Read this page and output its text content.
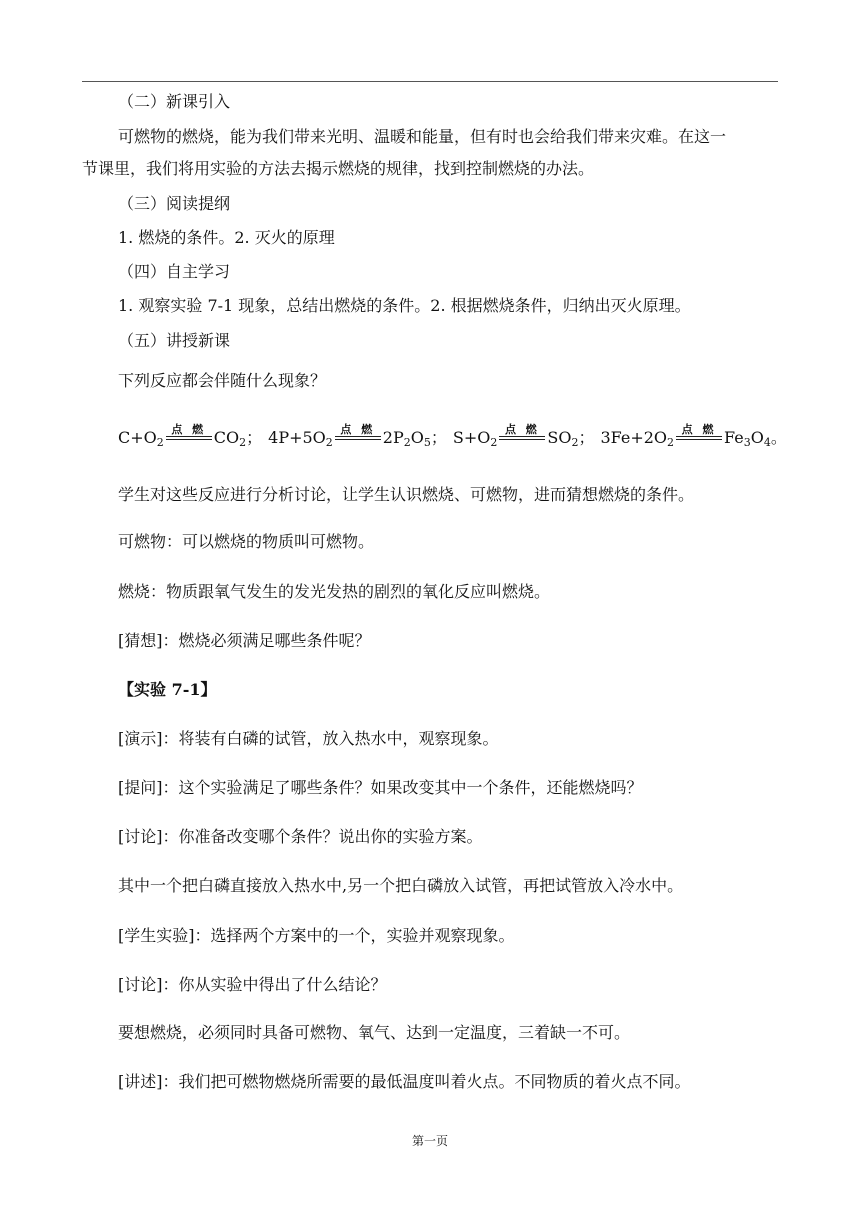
（二）新课引入
可燃物的燃烧，能为我们带来光明、温暖和能量，但有时也会给我们带来灾难。在这一
节课里，我们将用实验的方法去揭示燃烧的规律，找到控制燃烧的办法。
（三）阅读提纲
1. 燃烧的条件。2. 灭火的原理
（四）自主学习
1. 观察实验 7-1 现象，总结出燃烧的条件。2. 根据燃烧条件，归纳出灭火原理。
（五）讲授新课
下列反应都会伴随什么现象？
$C+O_2$
点 燃 $CO_2$； $4P+5O_2$
点 燃 $2P_2O_5$； $S+O_2$
点 燃 $SO_2$； $3Fe+2O_2$
点 燃 $Fe_3O_4$。
学生对这些反应进行分析讨论，让学生认识燃烧、可燃物，进而猜想燃烧的条件。
可燃物：可以燃烧的物质叫可燃物。
燃烧：物质跟氧气发生的发光发热的剧烈的氧化反应叫燃烧。
[猜想]：燃烧必须满足哪些条件呢？
【实验 7-1】
[演示]：将装有白磷的试管，放入热水中，观察现象。
[提问]：这个实验满足了哪些条件？如果改变其中一个条件，还能燃烧吗？
[讨论]：你准备改变哪个条件？说出你的实验方案。
其中一个把白磷直接放入热水中,另一个把白磷放入试管，再把试管放入冷水中。
[学生实验]：选择两个方案中的一个，实验并观察现象。
[讨论]：你从实验中得出了什么结论？
要想燃烧，必须同时具备可燃物、氧气、达到一定温度，三着缺一不可。
[讲述]：我们把可燃物燃烧所需要的最低温度叫着火点。不同物质的着火点不同。
第一页
